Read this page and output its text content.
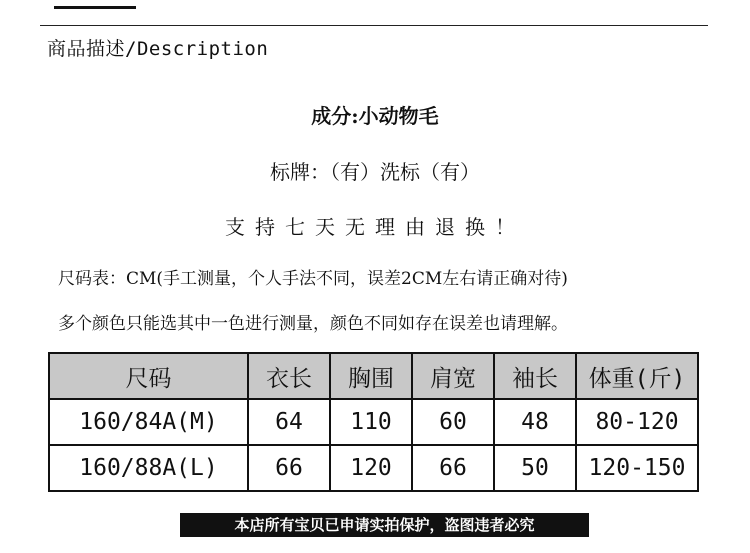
商品描述/Description
成分:小动物毛
标牌：（有）洗标（有）
支持七天无理由退换！
尺码表：CM(手工测量，个人手法不同，误差2CM左右请正确对待)
多个颜色只能选其中一色进行测量，颜色不同如存在误差也请理解。
尺码	衣长	胸围	肩宽	袖长	体重(斤)
160/84A(M)	64	110	60	48	80-120
160/88A(L)	66	120	66	50	120-150
本店所有宝贝已申请实拍保护，盗图违者必究
